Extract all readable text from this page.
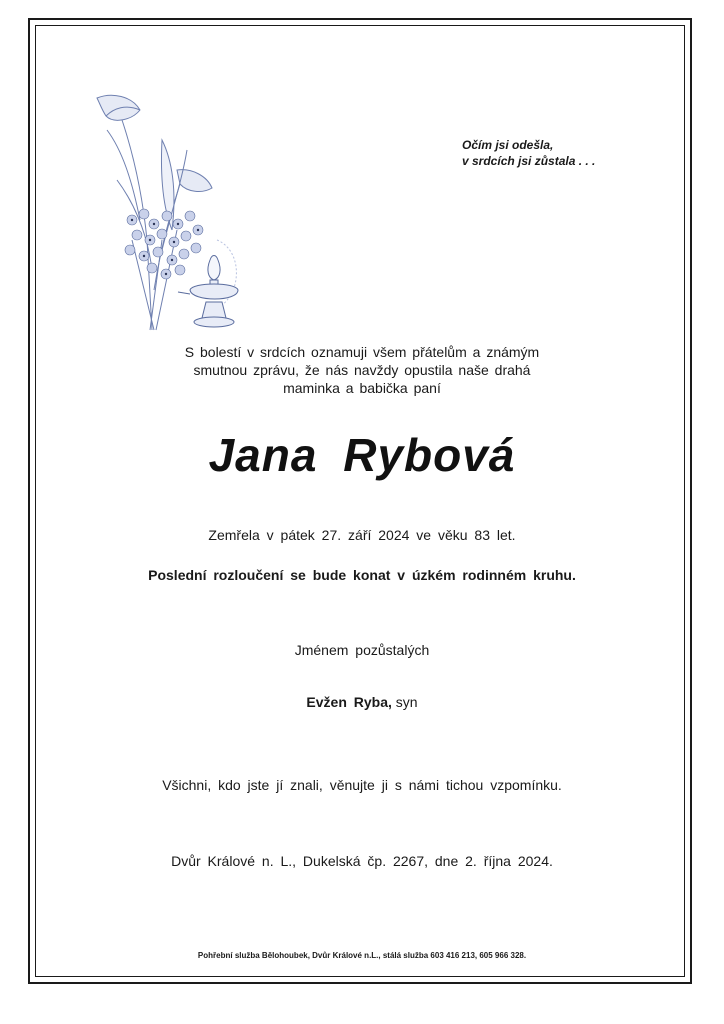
Očím jsi odešla,
v srdcích jsi zůstala . . .
S bolestí v srdcích oznamuji všem přátelům a známým
smutnou zprávu, že nás navždy opustila naše drahá
maminka a babička paní
Jana Rybová
Zemřela v pátek 27. září 2024 ve věku 83 let.
Poslední rozloučení se bude konat v úzkém rodinném kruhu.
Jménem pozůstalých
Evžen Ryba, syn
Všichni, kdo jste jí znali, věnujte ji s námi tichou vzpomínku.
Dvůr Králové n. L., Dukelská čp. 2267, dne 2. října 2024.
Pohřební služba Bělohoubek, Dvůr Králové n.L., stálá služba 603 416 213, 605 966 328.
